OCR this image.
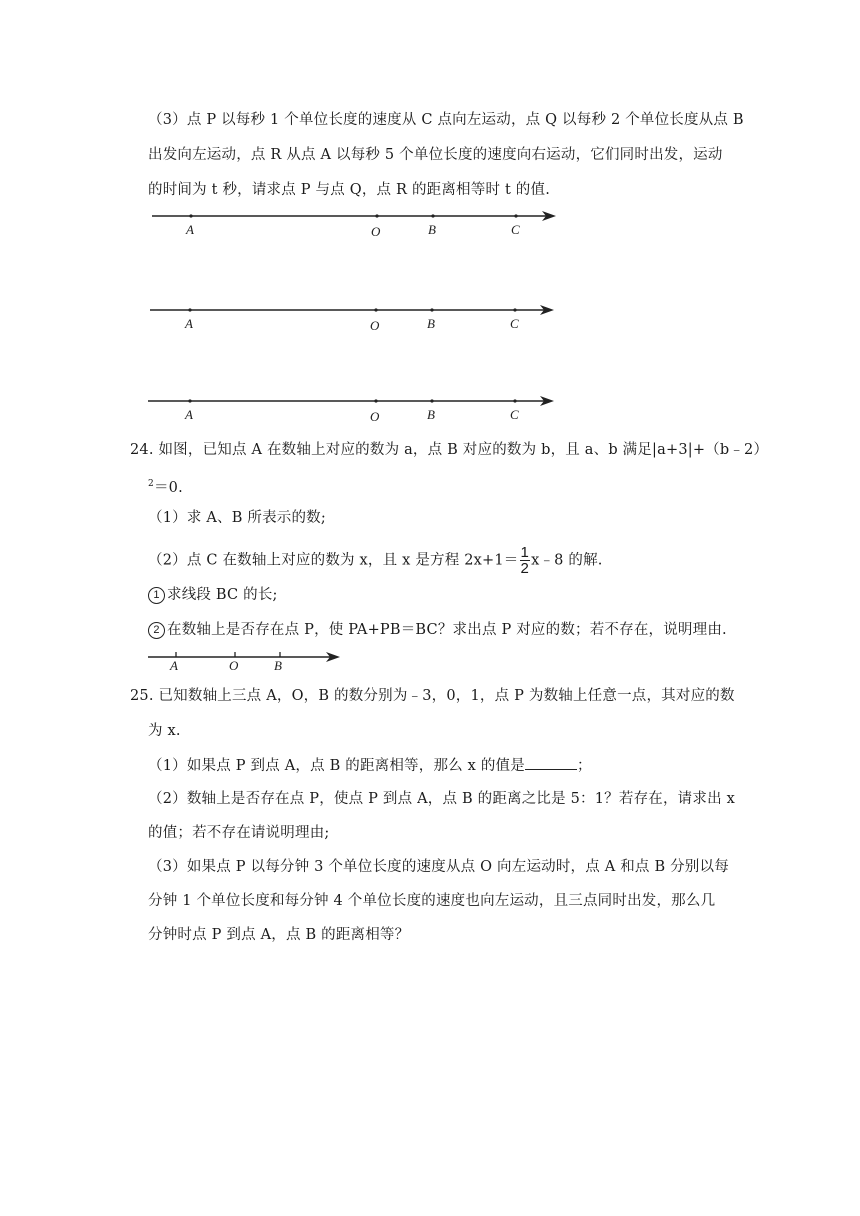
（3）点 P 以每秒 1 个单位长度的速度从 C 点向左运动，点 Q 以每秒 2 个单位长度从点 B
出发向左运动，点 R 从点 A 以每秒 5 个单位长度的速度向右运动，它们同时出发，运动
的时间为 t 秒，请求点 P 与点 Q，点 R 的距离相等时 t 的值.
A	O	B	C
A	O	B	C
A	O	B	C
A	O	B
24. 如图，已知点 A 在数轴上对应的数为 a，点 B 对应的数为 b，且 a、b 满足|a+3|+（b﹣2）
$^2$＝0.
（1）求 A、B 所表示的数;
（2）点 C 在数轴上对应的数为 x，且 x 是方程 $2x+1= \frac{1}{2}$ x﹣8 的解.
1 求线段 BC 的长;
2 在数轴上是否存在点 P，使 PA+PB＝BC？求出点 P 对应的数；若不存在，说明理由.
25. 已知数轴上三点 A，O，B 的数分别为﹣3，0，1，点 P 为数轴上任意一点，其对应的数
为 x.
（1）如果点 P 到点 A，点 B 的距离相等，那么 x 的值是	；
（2）数轴上是否存在点 P，使点 P 到点 A，点 B 的距离之比是 5：1？若存在，请求出 x
的值；若不存在请说明理由;
（3）如果点 P 以每分钟 3 个单位长度的速度从点 O 向左运动时，点 A 和点 B 分别以每
分钟 1 个单位长度和每分钟 4 个单位长度的速度也向左运动，且三点同时出发，那么几
分钟时点 P 到点 A，点 B 的距离相等？
